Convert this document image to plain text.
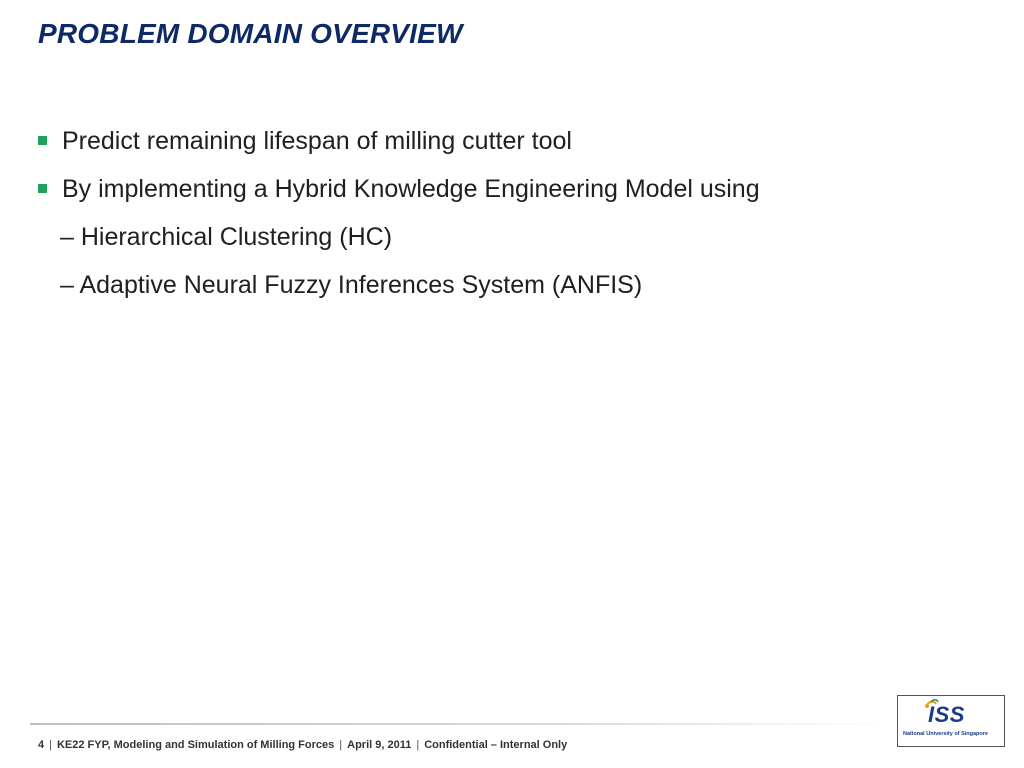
PROBLEM DOMAIN OVERVIEW
Predict remaining lifespan of milling cutter tool
By implementing a Hybrid Knowledge Engineering Model using
– Hierarchical Clustering (HC)
– Adaptive Neural Fuzzy Inferences System (ANFIS)
4 | KE22 FYP, Modeling and Simulation of Milling Forces | April 9, 2011 | Confidential – Internal Only
ISS
National University of Singapore
